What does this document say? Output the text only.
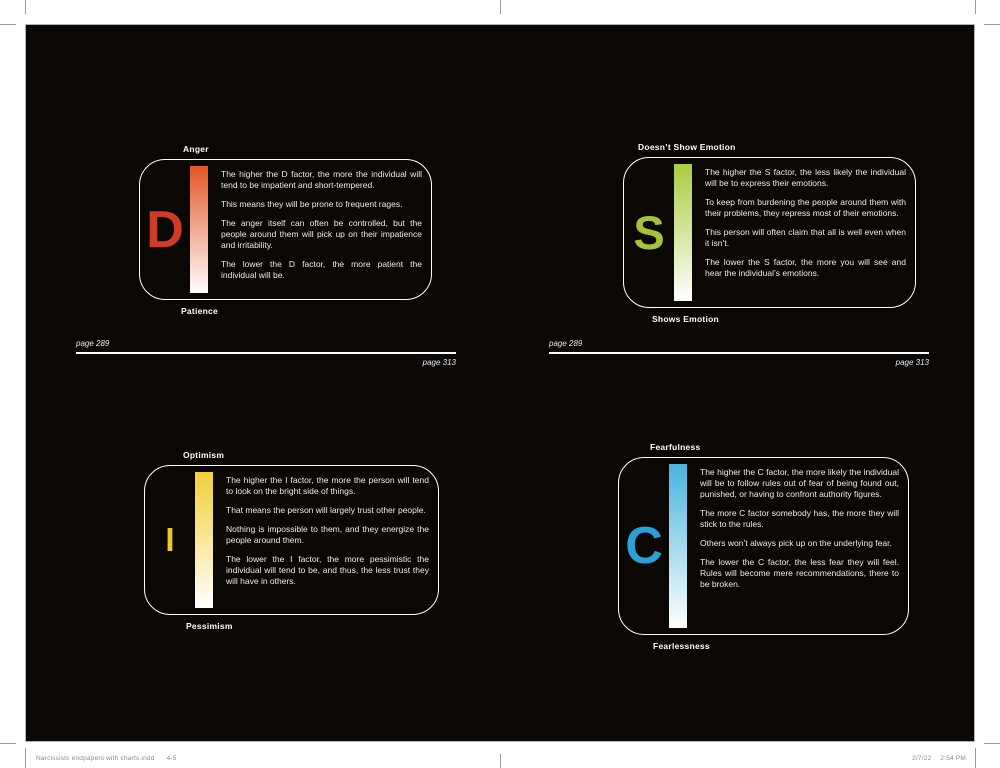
Anger
D

The higher the D factor, the more the individual will tend to be impatient and short-tempered.

This means they will be prone to frequent rages.

The anger itself can often be controlled, but the people around them will pick up on their impatience and irritability.

The lower the D factor, the more patient the individual will be.

Patience
Doesn’t Show Emotion
S

The higher the S factor, the less likely the individual will be to express their emotions.

To keep from burdening the people around them with their problems, they repress most of their emotions.

This person will often claim that all is well even when it isn’t.

The lower the S factor, the more you will see and hear the individual’s emotions.

Shows Emotion
Optimism
I

The higher the I factor, the more the person will tend to look on the bright side of things.

That means the person will largely trust other people.

Nothing is impossible to them, and they energize the people around them.

The lower the I factor, the more pessimistic the individual will tend to be, and thus, the less trust they will have in others.

Pessimism
Fearfulness
C

The higher the C factor, the more likely the individual will be to follow rules out of fear of being found out, punished, or having to confront authority figures.

The more C factor somebody has, the more they will stick to the rules.

Others won’t always pick up on the underlying fear.

The lower the C factor, the less fear they will feel. Rules will become mere recommendations, there to be broken.

Fearlessness
page 289
page 313
page 289
page 313
Narcissists endpapers with charts.indd 4-5	2/7/22 2:54 PM
